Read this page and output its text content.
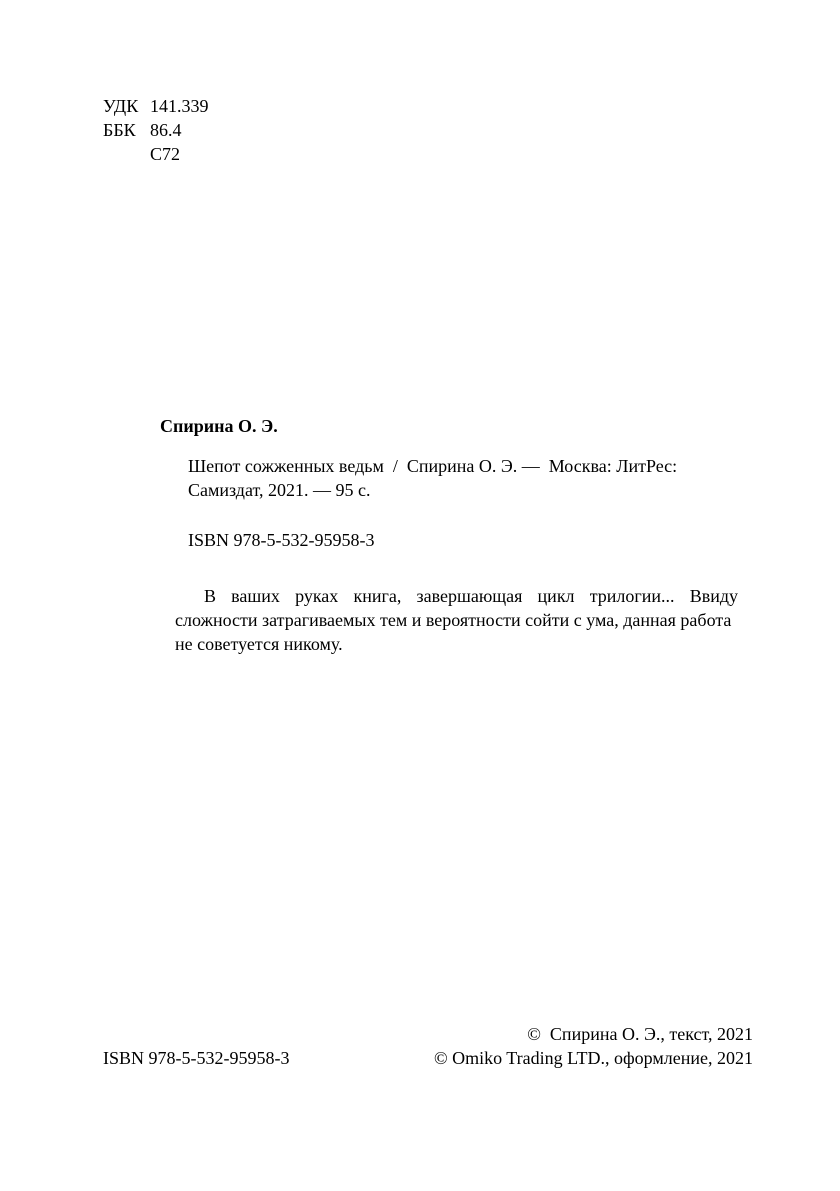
УДК 141.339
ББК 86.4
С72
Спирина О. Э.
Шепот сожженных ведьм  /  Спирина О. Э. —  Москва: ЛитРес:
Самиздат, 2021. — 95 с.
ISBN 978-5-532-95958-3
В ваших руках книга, завершающая цикл трилогии... Ввиду
сложности затрагиваемых тем и вероятности сойти с ума, данная работа
не советуется никому.
ISBN 978-5-532-95958-3
©  Спирина О. Э., текст, 2021
© Omiko Trading LTD., оформление, 2021
